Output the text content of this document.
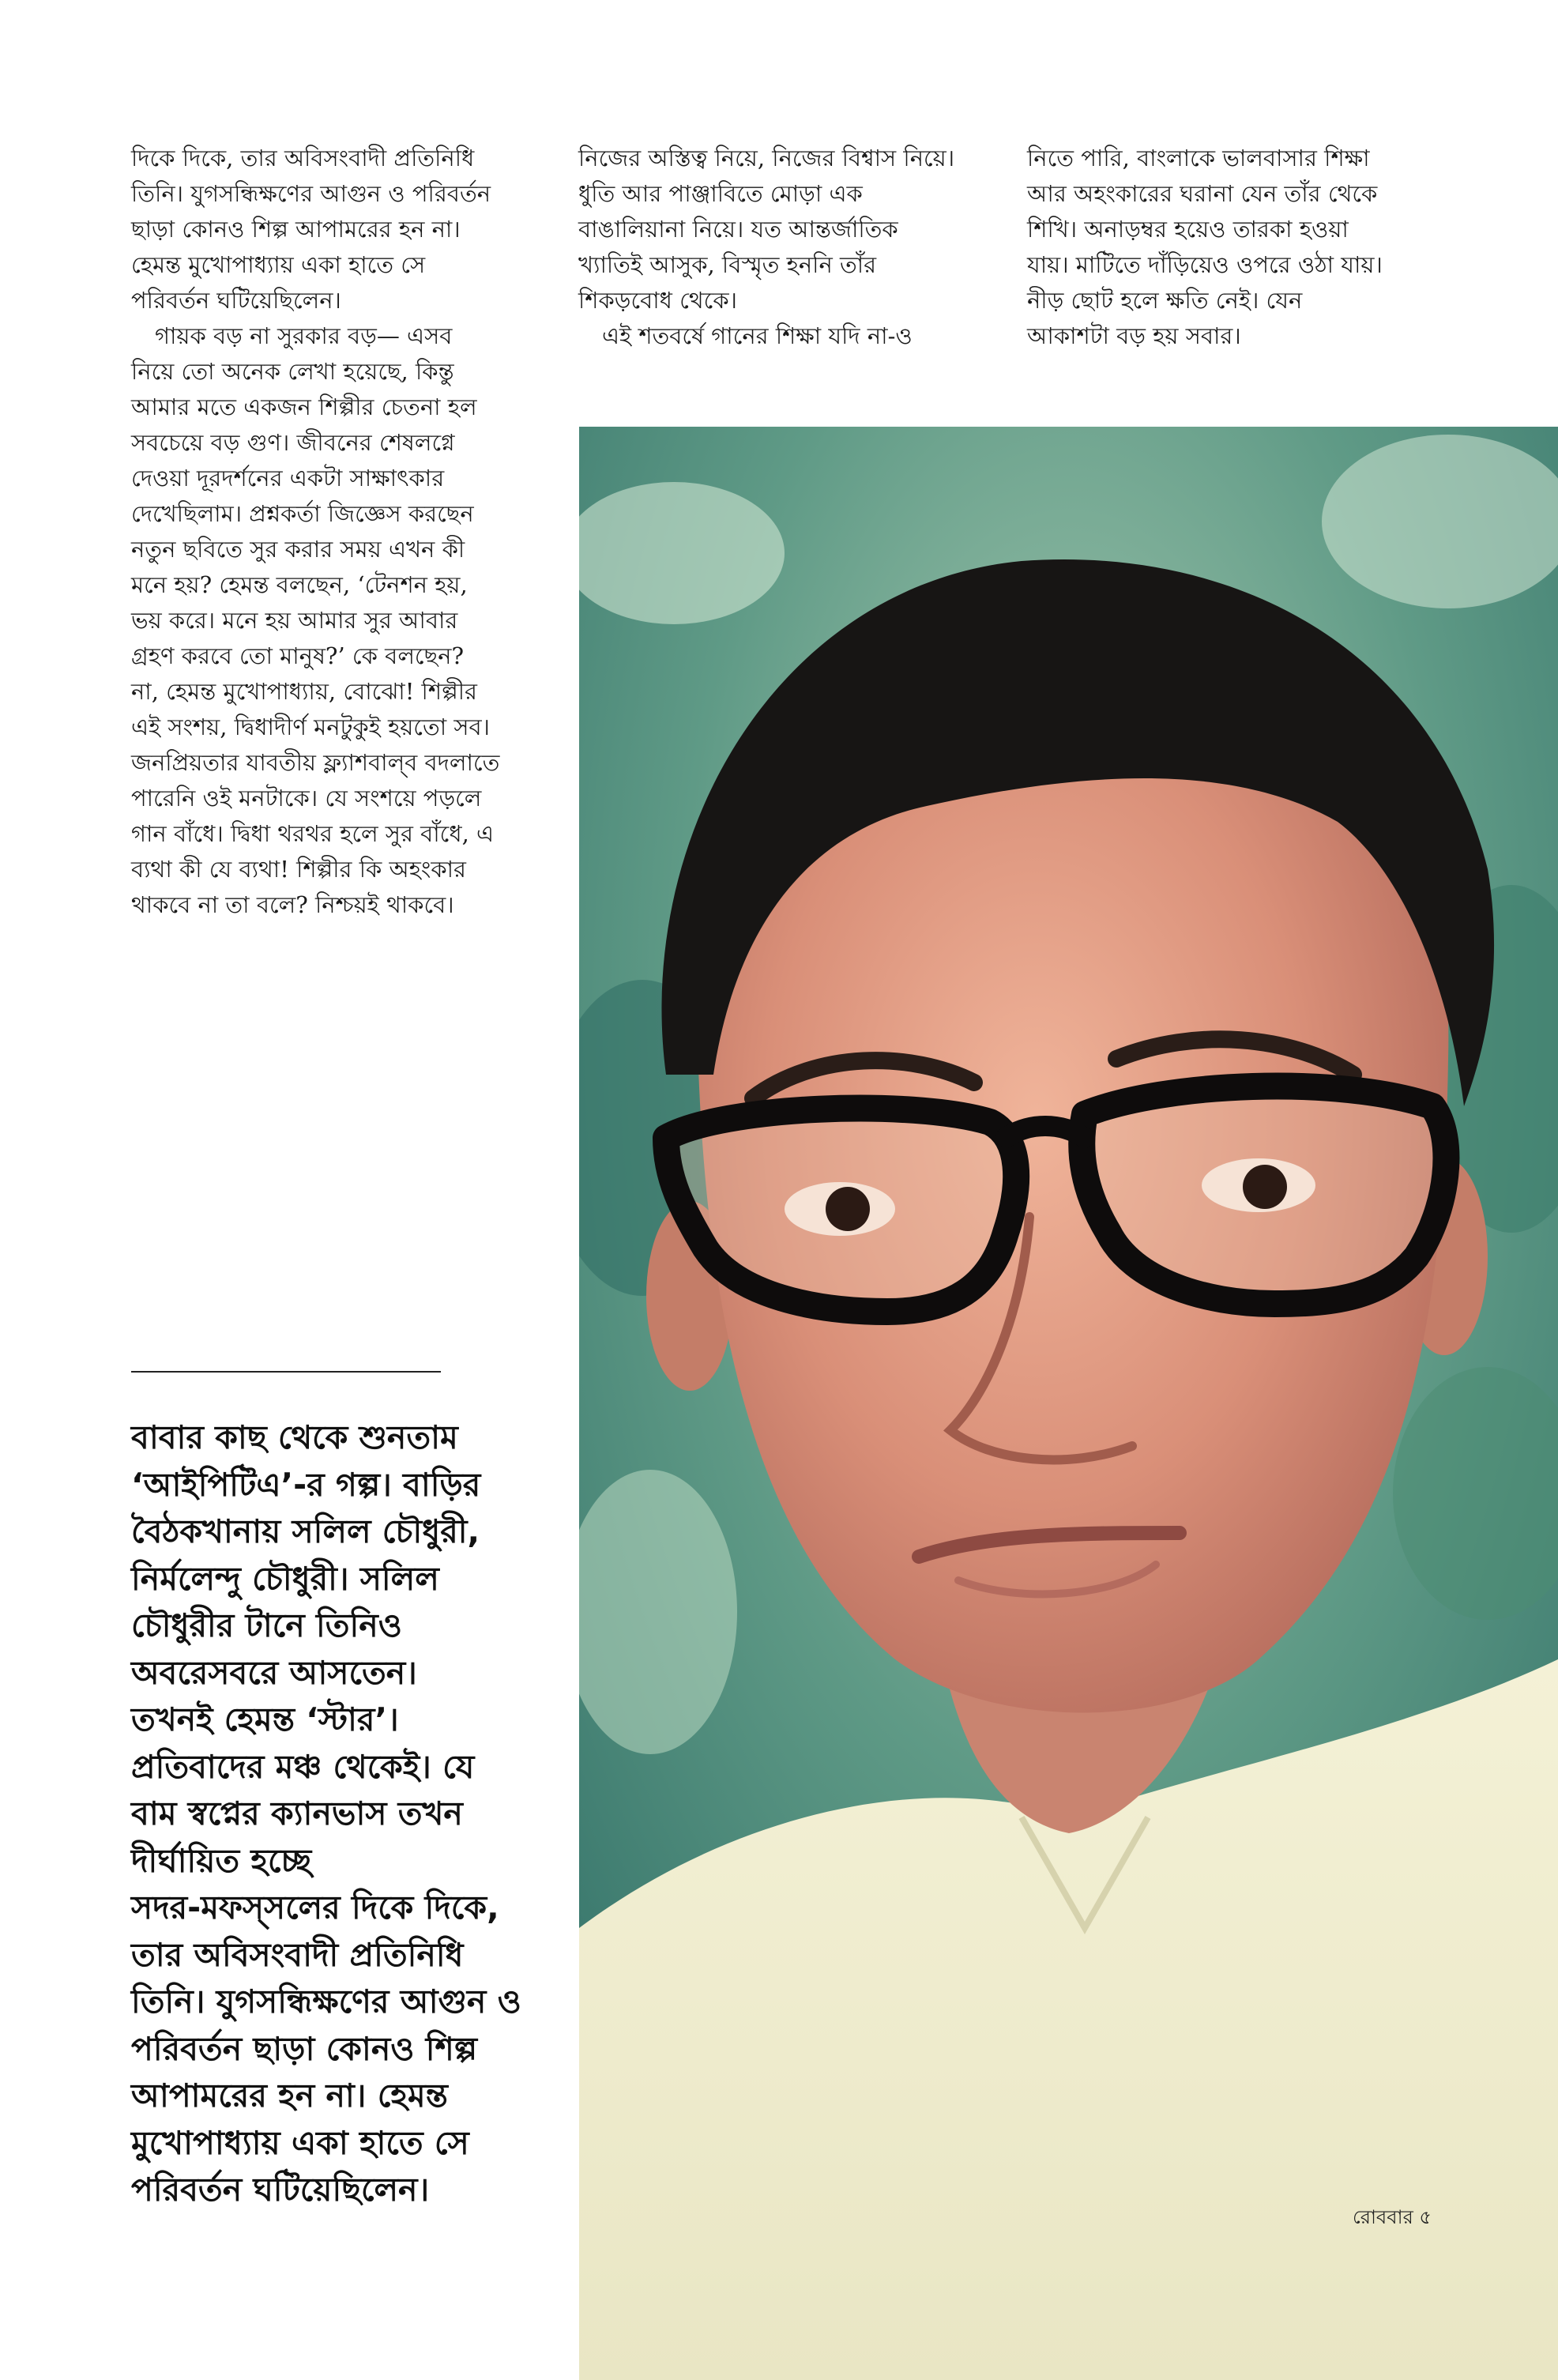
দিকে দিকে, তার অবিসংবাদী প্রতিনিধি

তিনি। যুগসন্ধিক্ষণের আগুন ও পরিবর্তন

ছাড়া কোনও শিল্প আপামরের হন না।

হেমন্ত মুখোপাধ্যায় একা হাতে সে

পরিবর্তন ঘটিয়েছিলেন।

গায়ক বড় না সুরকার বড়— এসব

নিয়ে তো অনেক লেখা হয়েছে, কিন্তু

আমার মতে একজন শিল্পীর চেতনা হল

সবচেয়ে বড় গুণ। জীবনের শেষলগ্নে

দেওয়া দূরদর্শনের একটা সাক্ষাৎকার

দেখেছিলাম। প্রশ্নকর্তা জিজ্ঞেস করছেন

নতুন ছবিতে সুর করার সময় এখন কী

মনে হয়? হেমন্ত বলছেন, ‘টেনশন হয়,

ভয় করে। মনে হয় আমার সুর আবার

গ্রহণ করবে তো মানুষ?’ কে বলছেন?

না, হেমন্ত মুখোপাধ্যায়, বোঝো! শিল্পীর

এই সংশয়, দ্বিধাদীর্ণ মনটুকুই হয়তো সব।

জনপ্রিয়তার যাবতীয় ফ্ল্যাশবাল্‌ব বদলাতে

পারেনি ওই মনটাকে। যে সংশয়ে পড়লে

গান বাঁধে। দ্বিধা থরথর হলে সুর বাঁধে, এ

ব্যথা কী যে ব্যথা! শিল্পীর কি অহংকার

থাকবে না তা বলে? নিশ্চয়ই থাকবে।

নিজের অস্তিত্ব নিয়ে, নিজের বিশ্বাস নিয়ে।

ধুতি আর পাঞ্জাবিতে মোড়া এক

বাঙালিয়ানা নিয়ে। যত আন্তর্জাতিক

খ্যাতিই আসুক, বিস্মৃত হননি তাঁর

শিকড়বোধ থেকে।

এই শতবর্ষে গানের শিক্ষা যদি না-ও

নিতে পারি, বাংলাকে ভালবাসার শিক্ষা

আর অহংকারের ঘরানা যেন তাঁর থেকে

শিখি। অনাড়ম্বর হয়েও তারকা হওয়া

যায়। মাটিতে দাঁড়িয়েও ওপরে ওঠা যায়।

নীড় ছোট হলে ক্ষতি নেই। যেন

আকাশটা বড় হয় সবার।

বাবার কাছ থেকে শুনতাম

‘আইপিটিএ’-র গল্প। বাড়ির

বৈঠকখানায় সলিল চৌধুরী,

নির্মলেন্দু চৌধুরী। সলিল

চৌধুরীর টানে তিনিও

অবরেসবরে আসতেন।

তখনই হেমন্ত ‘স্টার’।

প্রতিবাদের মঞ্চ থেকেই। যে

বাম স্বপ্নের ক্যানভাস তখন

দীর্ঘায়িত হচ্ছে

সদর-মফস্‌সলের দিকে দিকে,

তার অবিসংবাদী প্রতিনিধি

তিনি। যুগসন্ধিক্ষণের আগুন ও

পরিবর্তন ছাড়া কোনও শিল্প

আপামরের হন না। হেমন্ত

মুখোপাধ্যায় একা হাতে সে

পরিবর্তন ঘটিয়েছিলেন।

রোববার ৫
